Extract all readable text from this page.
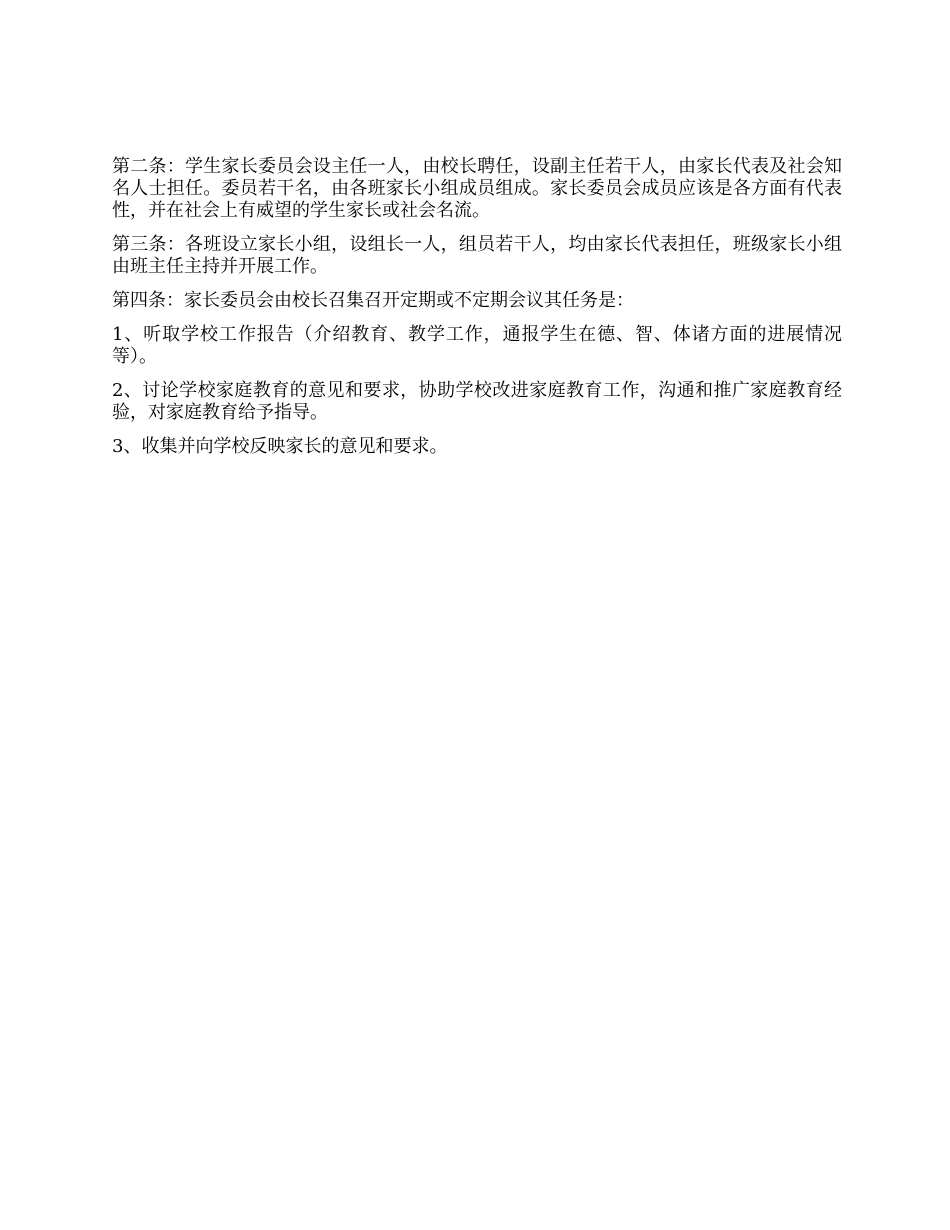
第二条：学生家长委员会设主任一人，由校长聘任，设副主任若干人，由家长代表及社会知名人士担任。委员若干名，由各班家长小组成员组成。家长委员会成员应该是各方面有代表性，并在社会上有威望的学生家长或社会名流。

第三条：各班设立家长小组，设组长一人，组员若干人，均由家长代表担任，班级家长小组由班主任主持并开展工作。

第四条：家长委员会由校长召集召开定期或不定期会议其任务是：

1、听取学校工作报告（介绍教育、教学工作，通报学生在德、智、体诸方面的进展情况等）。

2、讨论学校家庭教育的意见和要求，协助学校改进家庭教育工作，沟通和推广家庭教育经验，对家庭教育给予指导。

3、收集并向学校反映家长的意见和要求。
